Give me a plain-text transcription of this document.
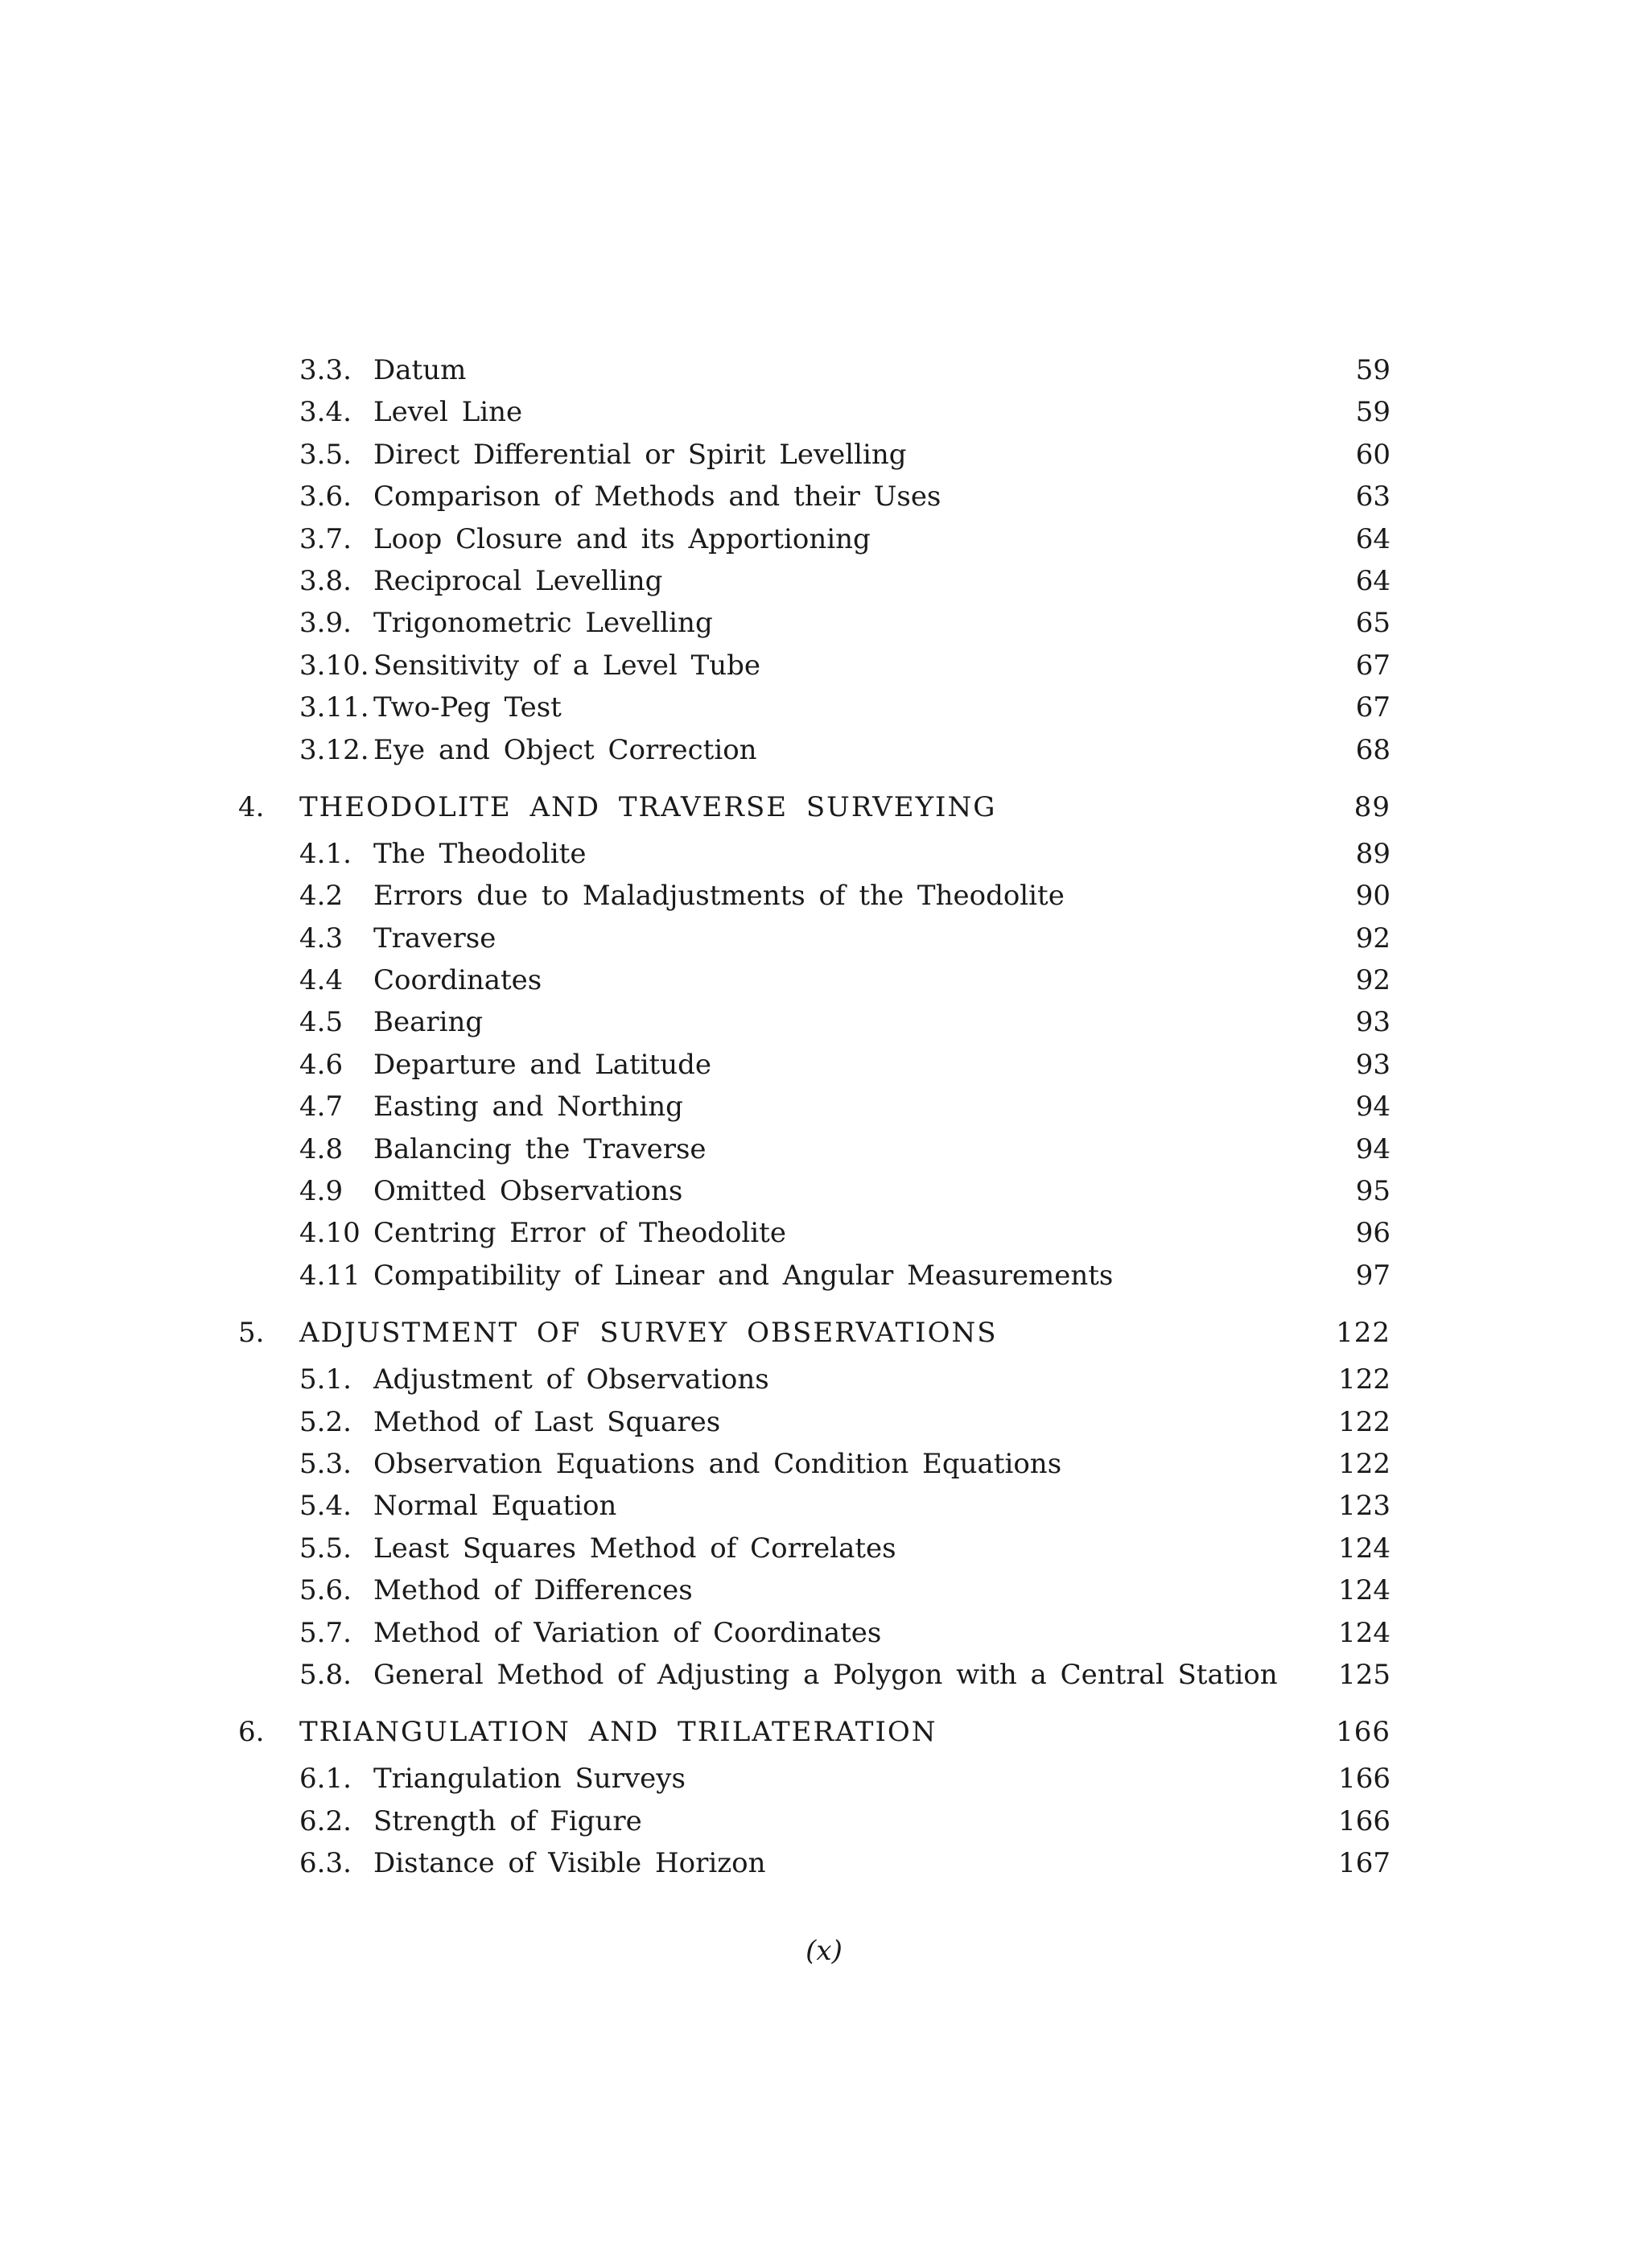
3.3. Datum	59
3.4. Level Line	59
3.5. Direct Differential or Spirit Levelling	60
3.6. Comparison of Methods and their Uses	63
3.7. Loop Closure and its Apportioning	64
3.8. Reciprocal Levelling	64
3.9. Trigonometric Levelling	65
3.10. Sensitivity of a Level Tube	67
3.11. Two-Peg Test	67
3.12. Eye and Object Correction	68
4. THEODOLITE AND TRAVERSE SURVEYING	89
4.1. The Theodolite	89
4.2 Errors due to Maladjustments of the Theodolite	90
4.3 Traverse	92
4.4 Coordinates	92
4.5 Bearing	93
4.6 Departure and Latitude	93
4.7 Easting and Northing	94
4.8 Balancing the Traverse	94
4.9 Omitted Observations	95
4.10 Centring Error of Theodolite	96
4.11 Compatibility of Linear and Angular Measurements	97
5. ADJUSTMENT OF SURVEY OBSERVATIONS	122
5.1. Adjustment of Observations	122
5.2. Method of Last Squares	122
5.3. Observation Equations and Condition Equations	122
5.4. Normal Equation	123
5.5. Least Squares Method of Correlates	124
5.6. Method of Differences	124
5.7. Method of Variation of Coordinates	124
5.8. General Method of Adjusting a Polygon with a Central Station 125
6. TRIANGULATION AND TRILATERATION	166
6.1. Triangulation Surveys	166
6.2. Strength of Figure	166
6.3. Distance of Visible Horizon	167
(x)
